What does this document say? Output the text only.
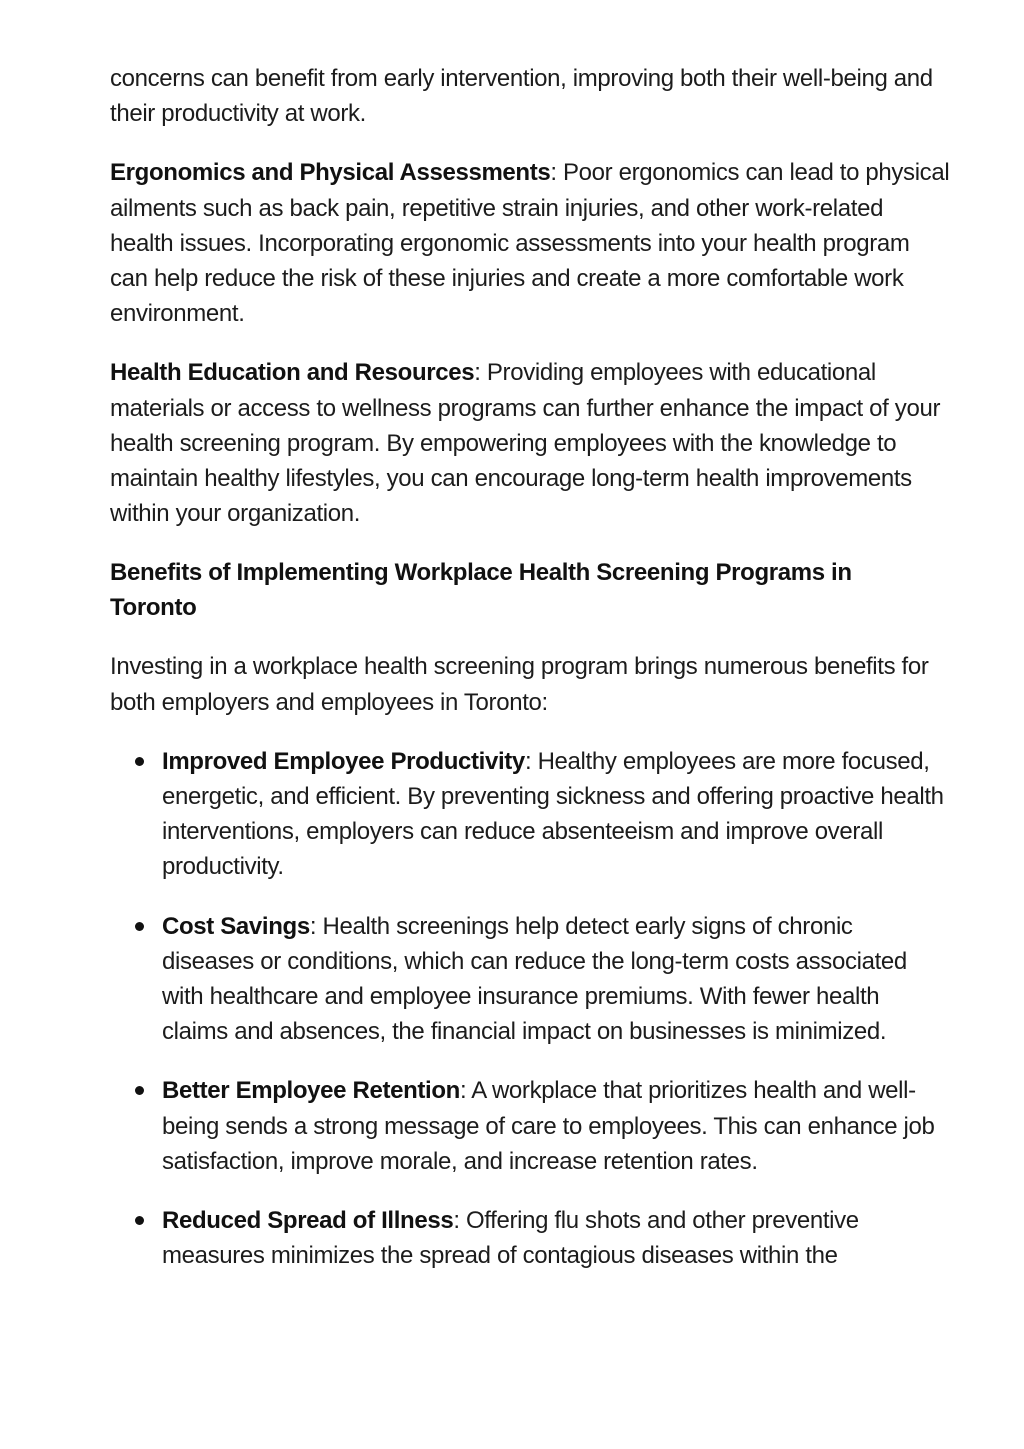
concerns can benefit from early intervention, improving both their well-being and their productivity at work.

Ergonomics and Physical Assessments: Poor ergonomics can lead to physical ailments such as back pain, repetitive strain injuries, and other work-related health issues. Incorporating ergonomic assessments into your health program can help reduce the risk of these injuries and create a more comfortable work environment.

Health Education and Resources: Providing employees with educational materials or access to wellness programs can further enhance the impact of your health screening program. By empowering employees with the knowledge to maintain healthy lifestyles, you can encourage long-term health improvements within your organization.

Benefits of Implementing Workplace Health Screening Programs in Toronto

Investing in a workplace health screening program brings numerous benefits for both employers and employees in Toronto:

Improved Employee Productivity: Healthy employees are more focused, energetic, and efficient. By preventing sickness and offering proactive health interventions, employers can reduce absenteeism and improve overall productivity.
Cost Savings: Health screenings help detect early signs of chronic diseases or conditions, which can reduce the long-term costs associated with healthcare and employee insurance premiums. With fewer health claims and absences, the financial impact on businesses is minimized.
Better Employee Retention: A workplace that prioritizes health and well-being sends a strong message of care to employees. This can enhance job satisfaction, improve morale, and increase retention rates.
Reduced Spread of Illness: Offering flu shots and other preventive measures minimizes the spread of contagious diseases within the
